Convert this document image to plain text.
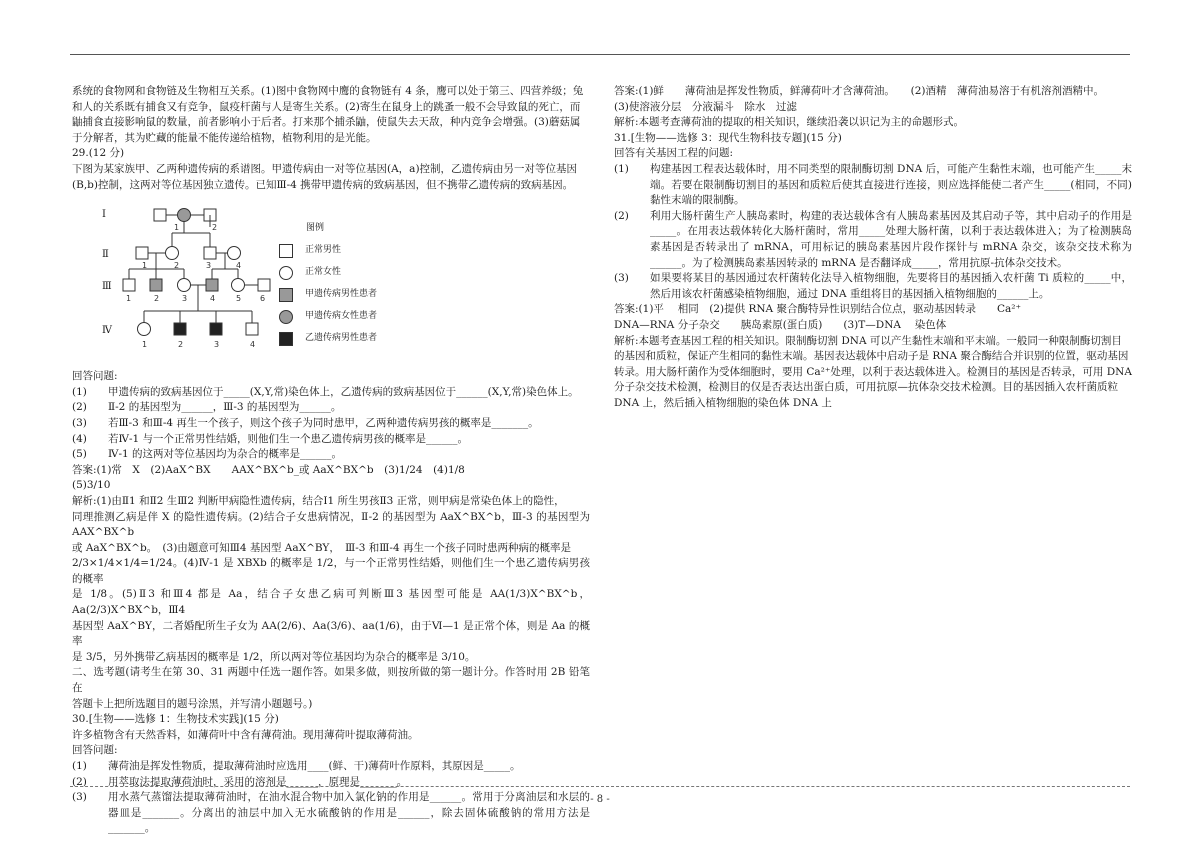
系统的食物网和食物链及生物相互关系。(1)图中食物网中鹰的食物链有 4 条，鹰可以处于第三、四营养级；兔

和人的关系既有捕食又有竞争，鼠疫杆菌与人是寄生关系。(2)寄生在鼠身上的跳蚤一般不会导致鼠的死亡，而

鼬捕食直接影响鼠的数量，前者影响小于后者。打来那个捕杀鼬，使鼠失去天敌，种内竞争会增强。(3)蘑菇属

于分解者，其为贮藏的能量不能传递给植物，植物利用的是光能。

29.(12 分)

下图为某家族甲、乙两种遗传病的系谱图。甲遗传病由一对等位基因(A，a)控制，乙遗传病由另一对等位基因

(B,b)控制，这两对等位基因独立遗传。已知Ⅲ-4 携带甲遗传病的致病基因，但不携带乙遗传病的致病基因。

1	2
1	2	3	4
1	2	3	4	5 6
1	2	3	4
Ⅰ
Ⅱ
Ⅲ
Ⅳ
图例
正常男性
正常女性
甲遗传病男性患者
甲遗传病女性患者
乙遗传病男性患者

回答问题:

(1)	甲遗传病的致病基因位于_____(X,Y,常)染色体上，乙遗传病的致病基因位于______(X,Y,常)染色体上。
(2)	Ⅱ-2 的基因型为______，Ⅲ-3 的基因型为______。
(3)	若Ⅲ-3 和Ⅲ-4 再生一个孩子，则这个孩子为同时患甲，乙两种遗传病男孩的概率是_______。
(4)	若Ⅳ-1 与一个正常男性结婚，则他们生一个患乙遗传病男孩的概率是______。
(5)	Ⅳ-1 的这两对等位基因均为杂合的概率是______。

答案:(1)常　X　(2)AaX^BX　　AAX^BX^b_或 AaX^BX^b　(3)1/24　(4)1/8

(5)3/10

解析:(1)由Ⅱ1 和Ⅱ2 生Ⅲ2 判断甲病隐性遗传病，结合Ⅰ1 所生男孩Ⅱ3 正常，则甲病是常染色体上的隐性，

同理推测乙病是伴 X 的隐性遗传病。(2)结合子女患病情况，Ⅱ-2 的基因型为 AaX^BX^b，Ⅲ-3 的基因型为 AAX^BX^b

或 AaX^BX^b。　(3)由题意可知Ⅲ4 基因型 AaX^BY，　Ⅲ-3 和Ⅲ-4 再生一个孩子同时患两种病的概率是

2/3×1/4×1/4=1/24。(4)Ⅳ-1 是 XBXb 的概率是 1/2，与一个正常男性结婚，则他们生一个患乙遗传病男孩的概率

是 1/8。(5)Ⅱ3 和Ⅲ4 都是 Aa，结合子女患乙病可判断Ⅲ3 基因型可能是 AA(1/3)X^BX^b，Aa(2/3)X^BX^b，Ⅲ4

基因型 AaX^BY，二者婚配所生子女为 AA(2/6)、Aa(3/6)、aa(1/6)，由于Ⅵ—1 是正常个体，则是 Aa 的概率

是 3/5，另外携带乙病基因的概率是 1/2，所以两对等位基因均为杂合的概率是 3/10。

二、选考题(请考生在第 30、31 两题中任选一题作答。如果多做，则按所做的第一题计分。作答时用 2B 铅笔在

答题卡上把所选题目的题号涂黑，并写清小题题号。)

30.[生物——选修 1：生物技术实践](15 分)

许多植物含有天然香料，如薄荷叶中含有薄荷油。现用薄荷叶提取薄荷油。

回答问题:

(1)	薄荷油是挥发性物质，提取薄荷油时应选用____(鲜、干)薄荷叶作原料，其原因是_____。
(2)	用萃取法提取薄荷油时，采用的溶剂是______，原理是_______。
(3)	用水蒸气蒸馏法提取薄荷油时，在油水混合物中加入氯化钠的作用是______。常用于分离油层和水层的器皿是_______。分离出的油层中加入无水硫酸钠的作用是______，除去固体硫酸钠的常用方法是_______。

答案:(1)鲜　　薄荷油是挥发性物质，鲜薄荷叶才含薄荷油。　　(2)酒精　薄荷油易溶于有机溶剂酒精中。

(3)使溶液分层　分液漏斗　除水　过滤

解析:本题考查薄荷油的提取的相关知识，继续沿袭以识记为主的命题形式。

31.[生物——选修 3：现代生物科技专题](15 分)

回答有关基因工程的问题:

(1)	构建基因工程表达载体时，用不同类型的限制酶切割 DNA 后，可能产生黏性末端，也可能产生_____末端。若要在限制酶切割目的基因和质粒后使其直接进行连接，则应选择能使二者产生_____(相同，不同)黏性末端的限制酶。
(2)	利用大肠杆菌生产人胰岛素时，构建的表达载体含有人胰岛素基因及其启动子等，其中启动子的作用是_____。在用表达载体转化大肠杆菌时，常用_____处理大肠杆菌，以利于表达载体进入；为了检测胰岛素基因是否转录出了 mRNA，可用标记的胰岛素基因片段作探针与 mRNA 杂交，该杂交技术称为______。为了检测胰岛素基因转录的 mRNA 是否翻译成_____，常用抗原-抗体杂交技术。
(3)	如果要将某目的基因通过农杆菌转化法导入植物细胞，先要将目的基因插入农杆菌 Ti 质粒的_____中，然后用该农杆菌感染植物细胞，通过 DNA 重组将目的基因插入植物细胞的______上。

答案:(1)平　 相同　(2)提供 RNA 聚合酶特异性识别结合位点，驱动基因转录　　Ca²⁺

DNA—RNA 分子杂交　　胰岛素原(蛋白质)　　(3)T—DNA　 染色体

解析:本题考查基因工程的相关知识。限制酶切割 DNA 可以产生黏性末端和平末端。一般同一种限制酶切割目

的基因和质粒，保证产生相同的黏性末端。基因表达载体中启动子是 RNA 聚合酶结合并识别的位置，驱动基因

转录。用大肠杆菌作为受体细胞时，要用 Ca²⁺处理，以利于表达载体进入。检测目的基因是否转录，可用 DNA

分子杂交技术检测，检测目的仅是否表达出蛋白质，可用抗原—抗体杂交技术检测。目的基因插入农杆菌质粒

DNA 上，然后插入植物细胞的染色体 DNA 上

- 8 -
